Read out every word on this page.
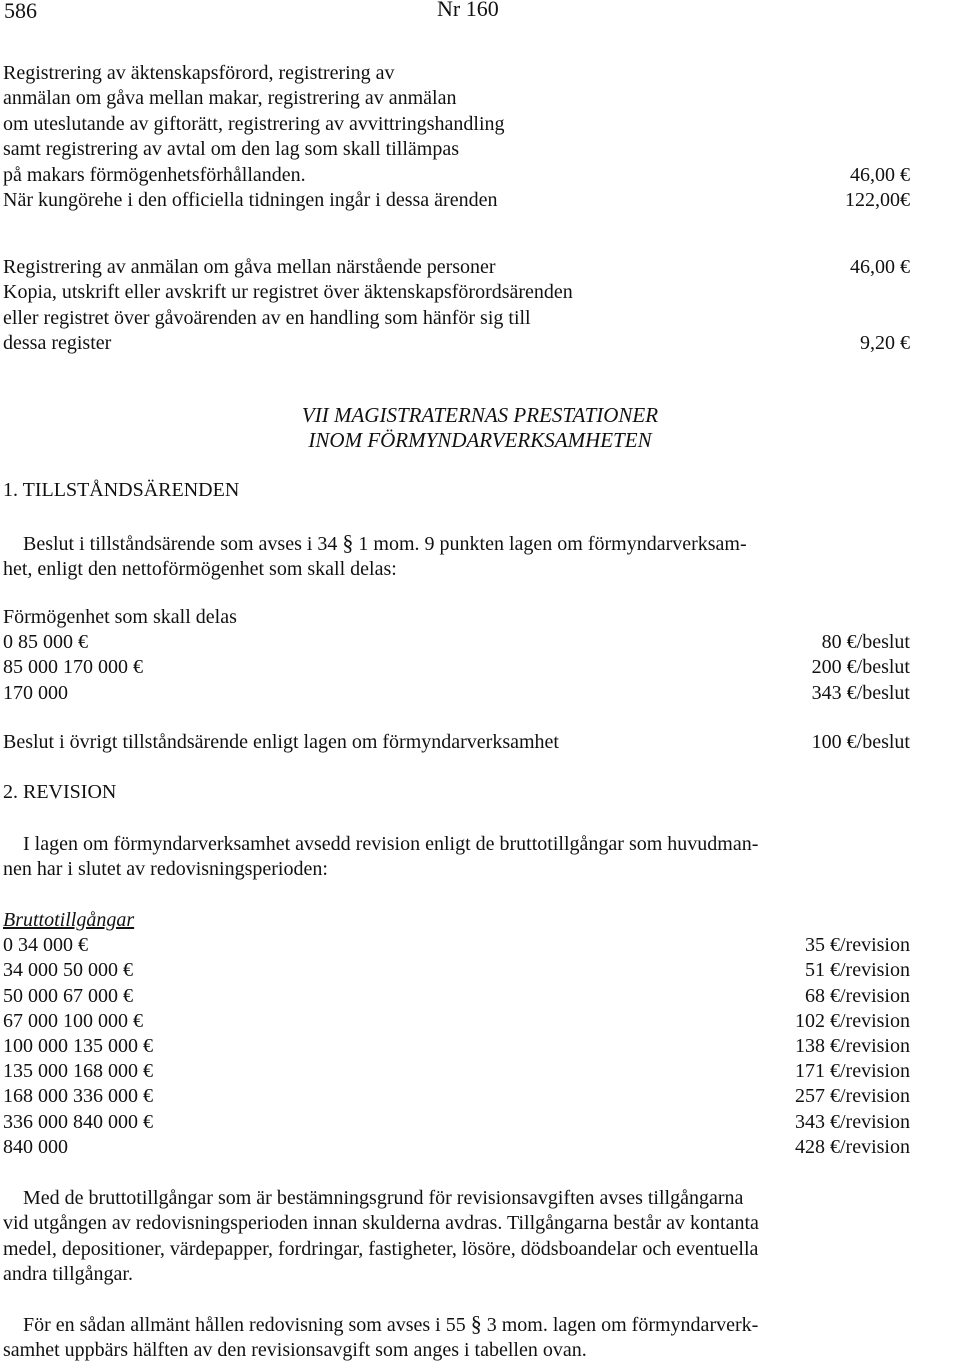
586	Nr 160
Registrering av äktenskapsförord, registrering av
anmälan om gåva mellan makar, registrering av anmälan
om uteslutande av giftorätt, registrering av avvittringshandling
samt registrering av avtal om den lag som skall tillämpas
på makars förmögenhetsförhållanden.	46,00 €
När kungörehe i den officiella tidningen ingår i dessa ärenden	122,00€
Registrering av anmälan om gåva mellan närstående personer	46,00 €
Kopia, utskrift eller avskrift ur registret över äktenskapsförordsärenden
eller registret över gåvoärenden av en handling som hänför sig till
dessa register	9,20 €
VII MAGISTRATERNAS PRESTATIONER
INOM FÖRMYNDARVERKSAMHETEN
1. TILLSTÅNDSÄRENDEN
Beslut i tillståndsärende som avses i 34 § 1 mom. 9 punkten lagen om förmyndarverksam-
het, enligt den nettoförmögenhet som skall delas:
Förmögenhet som skall delas
0 85 000 €	80 €/beslut
85 000 170 000 €	200 €/beslut
170 000	343 €/beslut
Beslut i övrigt tillståndsärende enligt lagen om förmyndarverksamhet	100 €/beslut
2. REVISION
I lagen om förmyndarverksamhet avsedd revision enligt de bruttotillgångar som huvudman-
nen har i slutet av redovisningsperioden:
Bruttotillgångar
0 34 000 €	35 €/revision
34 000 50 000 €	51 €/revision
50 000 67 000 €	68 €/revision
67 000 100 000 €	102 €/revision
100 000 135 000 €	138 €/revision
135 000 168 000 €	171 €/revision
168 000 336 000 €	257 €/revision
336 000 840 000 €	343 €/revision
840 000	428 €/revision
Med de bruttotillgångar som är bestämningsgrund för revisionsavgiften avses tillgångarna
vid utgången av redovisningsperioden innan skulderna avdras. Tillgångarna består av kontanta
medel, depositioner, värdepapper, fordringar, fastigheter, lösöre, dödsboandelar och eventuella
andra tillgångar.
För en sådan allmänt hållen redovisning som avses i 55 § 3 mom. lagen om förmyndarverk-
samhet uppbärs hälften av den revisionsavgift som anges i tabellen ovan.
